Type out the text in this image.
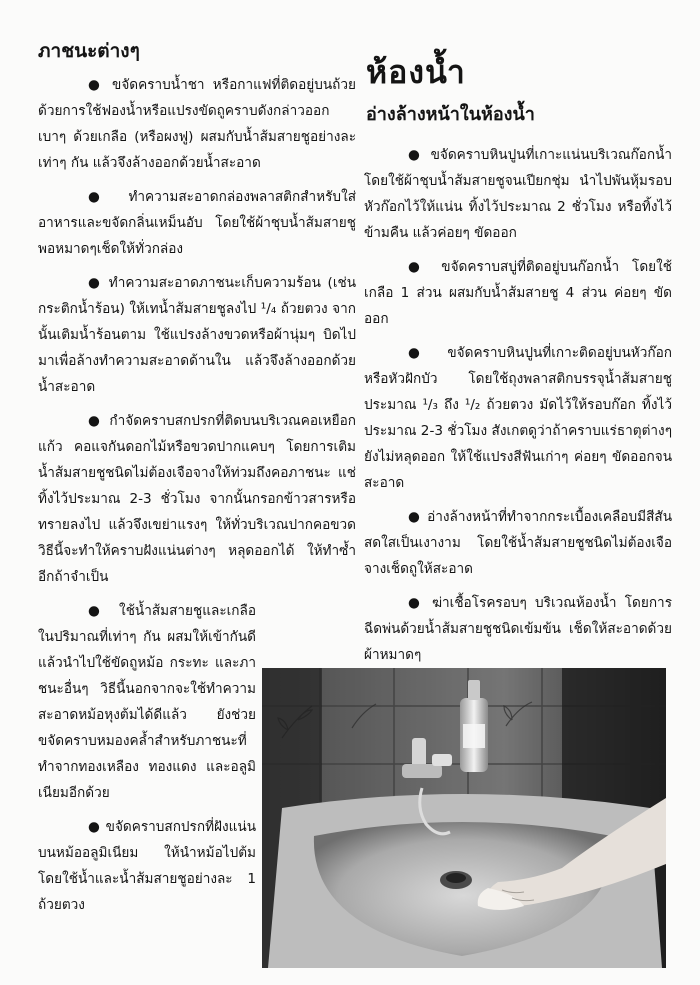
ภาชนะต่างๆ

● ขจัดคราบน้ำชา หรือกาแฟที่ติดอยู่บนถ้วย ด้วยการใช้ฟองน้ำหรือแปรงขัดถูคราบดังกล่าวออกเบาๆ ด้วยเกลือ (หรือผงฟู) ผสมกับน้ำส้มสายชูอย่างละเท่าๆ กัน แล้วจึงล้างออกด้วยน้ำสะอาด

● ทำความสะอาดกล่องพลาสติกสำหรับใส่อาหารและขจัดกลิ่นเหม็นอับ โดยใช้ผ้าชุบน้ำส้มสายชูพอหมาดๆเช็ดให้ทั่วกล่อง

● ทำความสะอาดภาชนะเก็บความร้อน (เช่น กระติกน้ำร้อน) ให้เทน้ำส้มสายชูลงไป ¹/₄ ถ้วยตวง จากนั้นเติมน้ำร้อนตาม ใช้แปรงล้างขวดหรือผ้านุ่มๆ บิดไปมาเพื่อล้างทำความสะอาดด้านใน แล้วจึงล้างออกด้วยน้ำสะอาด

● กำจัดคราบสกปรกที่ติดบนบริเวณคอเหยือกแก้ว คอแจกันดอกไม้หรือขวดปากแคบๆ โดยการเติมน้ำส้มสายชูชนิดไม่ต้องเจือจางให้ท่วมถึงคอภาชนะ แช่ทิ้งไว้ประมาณ 2-3 ชั่วโมง จากนั้นกรอกข้าวสารหรือทรายลงไป แล้วจึงเขย่าแรงๆ ให้ทั่วบริเวณปากคอขวด วิธีนี้จะทำให้คราบฝังแน่นต่างๆ หลุดออกได้ ให้ทำซ้ำอีกถ้าจำเป็น

● ใช้น้ำส้มสายชูและเกลือในปริมาณที่เท่าๆ กัน ผสมให้เข้ากันดี แล้วนำไปใช้ขัดถูหม้อ กระทะ และภาชนะอื่นๆ วิธีนี้นอกจากจะใช้ทำความสะอาดหม้อหุงต้มได้ดีแล้ว ยังช่วยขจัดคราบหมองคล้ำสำหรับภาชนะที่ทำจากทองเหลือง ทองแดง และอลูมิเนียมอีกด้วย

● ขจัดคราบสกปรกที่ฝังแน่นบนหม้ออลูมิเนียม ให้นำหม้อไปต้มโดยใช้น้ำและน้ำส้มสายชูอย่างละ 1 ถ้วยตวง

ห้องน้ำ
อ่างล้างหน้าในห้องน้ำ

● ขจัดคราบหินปูนที่เกาะแน่นบริเวณก๊อกน้ำ โดยใช้ผ้าชุบน้ำส้มสายชูจนเปียกชุ่ม นำไปพันหุ้มรอบหัวก๊อกไว้ให้แน่น ทิ้งไว้ประมาณ 2 ชั่วโมง หรือทิ้งไว้ข้ามคืน แล้วค่อยๆ ขัดออก

● ขจัดคราบสบู่ที่ติดอยู่บนก๊อกน้ำ โดยใช้เกลือ 1 ส่วน ผสมกับน้ำส้มสายชู 4 ส่วน ค่อยๆ ขัดออก

● ขจัดคราบหินปูนที่เกาะติดอยู่บนหัวก๊อกหรือหัวฝักบัว โดยใช้ถุงพลาสติกบรรจุน้ำส้มสายชูประมาณ ¹/₃ ถึง ¹/₂ ถ้วยตวง มัดไว้ให้รอบก๊อก ทิ้งไว้ประมาณ 2-3 ชั่วโมง สังเกตดูว่าถ้าคราบแร่ธาตุต่างๆ ยังไม่หลุดออก ให้ใช้แปรงสีฟันเก่าๆ ค่อยๆ ขัดออกจนสะอาด

● อ่างล้างหน้าที่ทำจากกระเบื้องเคลือบมีสีสันสดใสเป็นเงางาม โดยใช้น้ำส้มสายชูชนิดไม่ต้องเจือจางเช็ดถูให้สะอาด

● ฆ่าเชื้อโรครอบๆ บริเวณห้องน้ำ โดยการฉีดพ่นด้วยน้ำส้มสายชูชนิดเข้มข้น เช็ดให้สะอาดด้วยผ้าหมาดๆ
